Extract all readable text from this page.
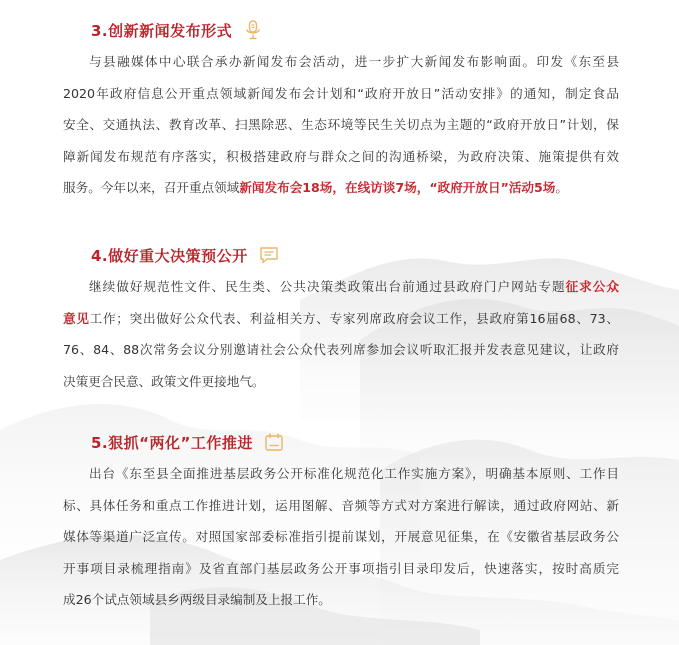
3.创新新闻发布形式

与县融媒体中心联合承办新闻发布会活动，进一步扩大新闻发布影响面。印发《东至县
2020年政府信息公开重点领域新闻发布会计划和“政府开放日”活动安排》的通知，制定食品
安全、交通执法、教育改革、扫黑除恶、生态环境等民生关切点为主题的“政府开放日”计划，保
障新闻发布规范有序落实，积极搭建政府与群众之间的沟通桥梁，为政府决策、施策提供有效
服务。今年以来，召开重点领域新闻发布会18场，在线访谈7场，“政府开放日”活动5场。

4.做好重大决策预公开

继续做好规范性文件、民生类、公共决策类政策出台前通过县政府门户网站专题征求公众
意见工作；突出做好公众代表、利益相关方、专家列席政府会议工作，县政府第16届68、73、
76、84、88次常务会议分别邀请社会公众代表列席参加会议听取汇报并发表意见建议，让政府
决策更合民意、政策文件更接地气。

5.狠抓“两化”工作推进

出台《东至县全面推进基层政务公开标准化规范化工作实施方案》，明确基本原则、工作目
标、具体任务和重点工作推进计划，运用图解、音频等方式对方案进行解读，通过政府网站、新
媒体等渠道广泛宣传。对照国家部委标准指引提前谋划，开展意见征集，在《安徽省基层政务公
开事项目录梳理指南》及省直部门基层政务公开事项指引目录印发后，快速落实，按时高质完
成26个试点领域县乡两级目录编制及上报工作。
